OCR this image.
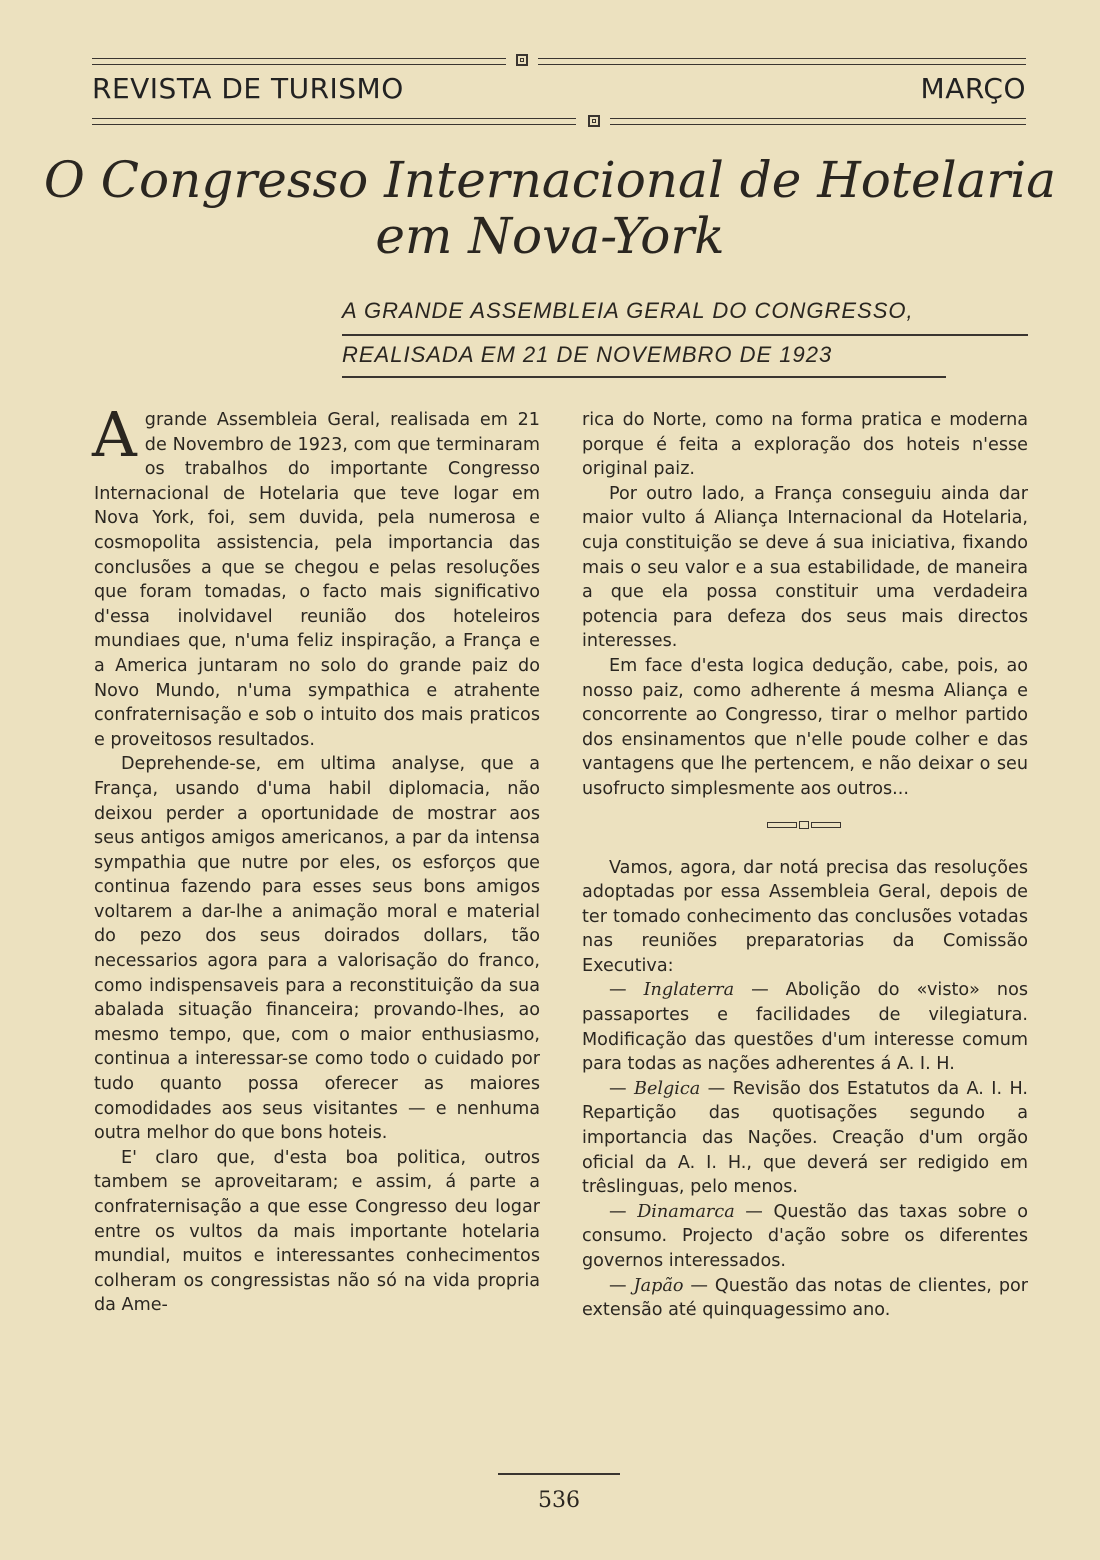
REVISTA DE TURISMO	MARÇO
O Congresso Internacional de Hotelaria
em Nova-York
A GRANDE ASSEMBLEIA GERAL DO CONGRESSO,
REALISADA EM 21 DE NOVEMBRO DE 1923

Agrande Assembleia Geral, realisada em 21 de Novembro de 1923, com que terminaram os trabalhos do importante Congresso Internacional de Hotelaria que teve logar em Nova York, foi, sem duvida, pela numerosa e cosmopolita assistencia, pela importancia das conclusões a que se chegou e pelas resoluções que foram tomadas, o facto mais significativo d'essa inolvidavel reunião dos hoteleiros mundiaes que, n'uma feliz inspiração, a França e a America juntaram no solo do grande paiz do Novo Mundo, n'uma sympathica e atrahente confraternisação e sob o intuito dos mais praticos e proveitosos resultados.

Deprehende-se, em ultima analyse, que a França, usando d'uma habil diplomacia, não deixou perder a oportunidade de mostrar aos seus antigos amigos americanos, a par da intensa sympathia que nutre por eles, os esforços que continua fazendo para esses seus bons amigos voltarem a dar-lhe a animação moral e material do pezo dos seus doirados dollars, tão necessarios agora para a valorisação do franco, como indispensaveis para a reconstituição da sua abalada situação financeira; provando-lhes, ao mesmo tempo, que, com o maior enthusiasmo, continua a interessar-se como todo o cuidado por tudo quanto possa oferecer as maiores comodidades aos seus visitantes — e nenhuma outra melhor do que bons hoteis.

E' claro que, d'esta boa politica, outros tambem se aproveitaram; e assim, á parte a confraternisação a que esse Congresso deu logar entre os vultos da mais importante hotelaria mundial, muitos e interessantes conhecimentos colheram os congressistas não só na vida propria da Ame-

rica do Norte, como na forma pratica e moderna porque é feita a exploração dos hoteis n'esse original paiz.

Por outro lado, a França conseguiu ainda dar maior vulto á Aliança Internacional da Hotelaria, cuja constituição se deve á sua iniciativa, fixando mais o seu valor e a sua estabilidade, de maneira a que ela possa constituir uma verdadeira potencia para defeza dos seus mais directos interesses.

Em face d'esta logica dedução, cabe, pois, ao nosso paiz, como adherente á mesma Aliança e concorrente ao Congresso, tirar o melhor partido dos ensinamentos que n'elle poude colher e das vantagens que lhe pertencem, e não deixar o seu usofructo simplesmente aos outros...

Vamos, agora, dar notá precisa das resoluções adoptadas por essa Assembleia Geral, depois de ter tomado conhecimento das conclusões votadas nas reuniões preparatorias da Comissão Executiva:

— Inglaterra — Abolição do «visto» nos passaportes e facilidades de vilegiatura. Modificação das questões d'um interesse comum para todas as nações adherentes á A. I. H.

— Belgica — Revisão dos Estatutos da A. I. H. Repartição das quotisações segundo a importancia das Nações. Creação d'um orgão oficial da A. I. H., que deverá ser redigido em trêslinguas, pelo menos.

— Dinamarca — Questão das taxas sobre o consumo. Projecto d'ação sobre os diferentes governos interessados.

— Japão — Questão das notas de clientes, por extensão até quinquagessimo ano.

536
